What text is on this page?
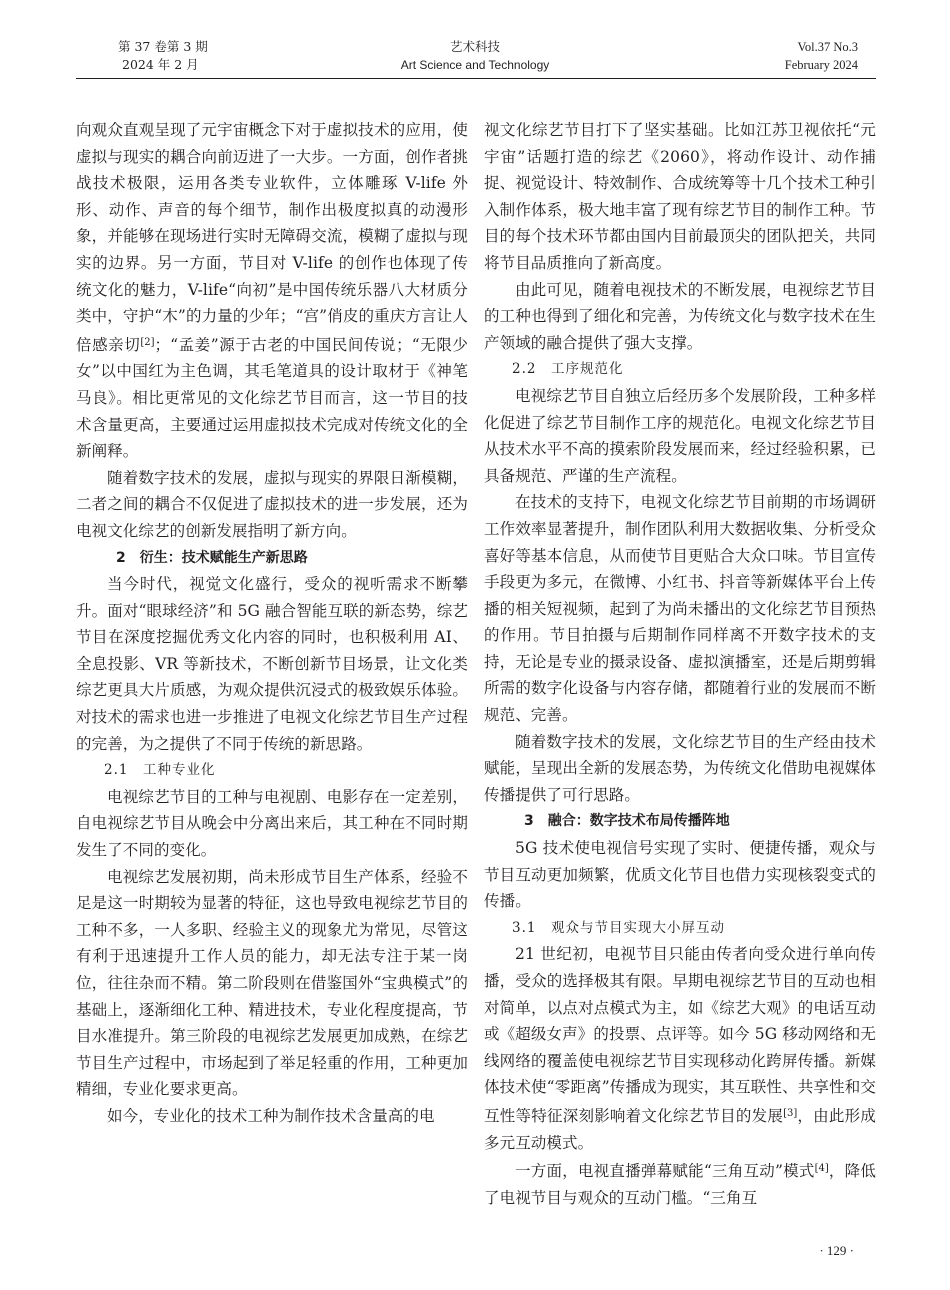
第 37 卷第 3 期
2024 年 2 月
艺术科技
Art Science and Technology
Vol.37 No.3
February 2024

向观众直观呈现了元宇宙概念下对于虚拟技术的应用，使虚拟与现实的耦合向前迈进了一大步。一方面，创作者挑战技术极限，运用各类专业软件，立体雕琢 V-life 外形、动作、声音的每个细节，制作出极度拟真的动漫形象，并能够在现场进行实时无障碍交流，模糊了虚拟与现实的边界。另一方面，节目对 V-life 的创作也体现了传统文化的魅力，V-life“向初”是中国传统乐器八大材质分类中，守护“木”的力量的少年；“宫”俏皮的重庆方言让人倍感亲切[2]；“孟姜”源于古老的中国民间传说；“无限少女”以中国红为主色调，其毛笔道具的设计取材于《神笔马良》。相比更常见的文化综艺节目而言，这一节目的技术含量更高，主要通过运用虚拟技术完成对传统文化的全新阐释。

随着数字技术的发展，虚拟与现实的界限日渐模糊，二者之间的耦合不仅促进了虚拟技术的进一步发展，还为电视文化综艺的创新发展指明了新方向。

2　衍生：技术赋能生产新思路

当今时代，视觉文化盛行，受众的视听需求不断攀升。面对“眼球经济”和 5G 融合智能互联的新态势，综艺节目在深度挖掘优秀文化内容的同时，也积极利用 AI、全息投影、VR 等新技术，不断创新节目场景，让文化类综艺更具大片质感，为观众提供沉浸式的极致娱乐体验。对技术的需求也进一步推进了电视文化综艺节目生产过程的完善，为之提供了不同于传统的新思路。

2.1　工种专业化

电视综艺节目的工种与电视剧、电影存在一定差别，自电视综艺节目从晚会中分离出来后，其工种在不同时期发生了不同的变化。

电视综艺发展初期，尚未形成节目生产体系，经验不足是这一时期较为显著的特征，这也导致电视综艺节目的工种不多，一人多职、经验主义的现象尤为常见，尽管这有利于迅速提升工作人员的能力，却无法专注于某一岗位，往往杂而不精。第二阶段则在借鉴国外“宝典模式”的基础上，逐渐细化工种、精进技术，专业化程度提高，节目水准提升。第三阶段的电视综艺发展更加成熟，在综艺节目生产过程中，市场起到了举足轻重的作用，工种更加精细，专业化要求更高。

如今，专业化的技术工种为制作技术含量高的电

视文化综艺节目打下了坚实基础。比如江苏卫视依托“元宇宙”话题打造的综艺《2060》，将动作设计、动作捕捉、视觉设计、特效制作、合成统筹等十几个技术工种引入制作体系，极大地丰富了现有综艺节目的制作工种。节目的每个技术环节都由国内目前最顶尖的团队把关，共同将节目品质推向了新高度。

由此可见，随着电视技术的不断发展，电视综艺节目的工种也得到了细化和完善，为传统文化与数字技术在生产领域的融合提供了强大支撑。

2.2　工序规范化

电视综艺节目自独立后经历多个发展阶段，工种多样化促进了综艺节目制作工序的规范化。电视文化综艺节目从技术水平不高的摸索阶段发展而来，经过经验积累，已具备规范、严谨的生产流程。

在技术的支持下，电视文化综艺节目前期的市场调研工作效率显著提升，制作团队利用大数据收集、分析受众喜好等基本信息，从而使节目更贴合大众口味。节目宣传手段更为多元，在微博、小红书、抖音等新媒体平台上传播的相关短视频，起到了为尚未播出的文化综艺节目预热的作用。节目拍摄与后期制作同样离不开数字技术的支持，无论是专业的摄录设备、虚拟演播室，还是后期剪辑所需的数字化设备与内容存储，都随着行业的发展而不断规范、完善。

随着数字技术的发展，文化综艺节目的生产经由技术赋能，呈现出全新的发展态势，为传统文化借助电视媒体传播提供了可行思路。

3　融合：数字技术布局传播阵地

5G 技术使电视信号实现了实时、便捷传播，观众与节目互动更加频繁，优质文化节目也借力实现核裂变式的传播。

3.1　观众与节目实现大小屏互动

21 世纪初，电视节目只能由传者向受众进行单向传播，受众的选择极其有限。早期电视综艺节目的互动也相对简单，以点对点模式为主，如《综艺大观》的电话互动或《超级女声》的投票、点评等。如今 5G 移动网络和无线网络的覆盖使电视综艺节目实现移动化跨屏传播。新媒体技术使“零距离”传播成为现实，其互联性、共享性和交互性等特征深刻影响着文化综艺节目的发展[3]，由此形成多元互动模式。

一方面，电视直播弹幕赋能“三角互动”模式[4]，降低了电视节目与观众的互动门槛。“三角互

· 129 ·
